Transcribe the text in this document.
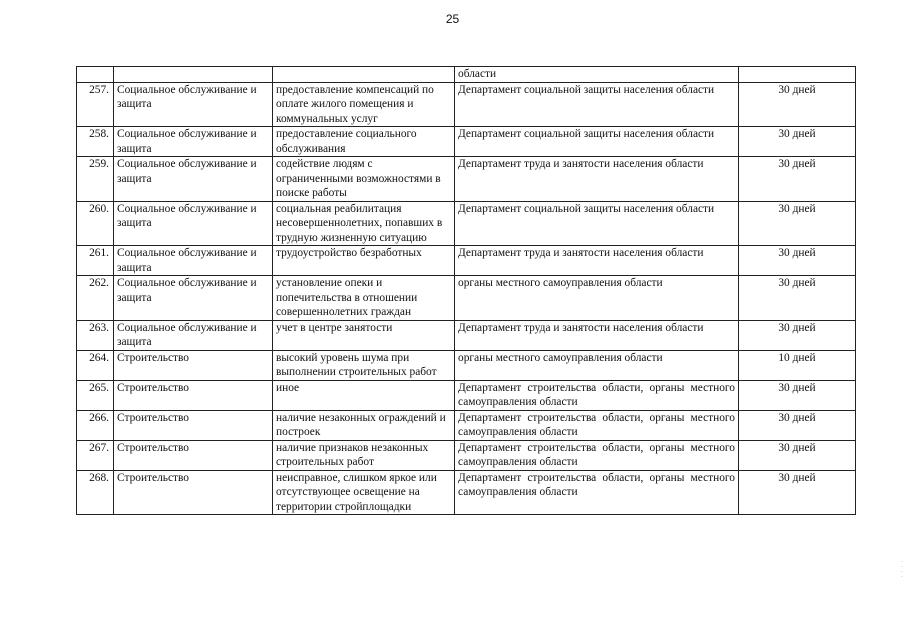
25
			области	
257.	Социальное обслуживание и защита	предоставление компенсаций по оплате жилого помещения и коммунальных услуг	Департамент социальной защиты населения области	30 дней
258.	Социальное обслуживание и защита	предоставление социального обслуживания	Департамент социальной защиты населения области	30 дней
259.	Социальное обслуживание и защита	содействие людям с ограниченными возможностями в поиске работы	Департамент труда и занятости населения области	30 дней
260.	Социальное обслуживание и защита	социальная реабилитация несовершеннолетних, попавших в трудную жизненную ситуацию	Департамент социальной защиты населения области	30 дней
261.	Социальное обслуживание и защита	трудоустройство безработных	Департамент труда и занятости населения области	30 дней
262.	Социальное обслуживание и защита	установление опеки и попечительства в отношении совершеннолетних граждан	органы местного самоуправления области	30 дней
263.	Социальное обслуживание и защита	учет в центре занятости	Департамент труда и занятости населения области	30 дней
264.	Строительство	высокий уровень шума при выполнении строительных работ	органы местного самоуправления области	10 дней
265.	Строительство	иное	Департамент строительства области, органы местного самоуправления области	30 дней
266.	Строительство	наличие незаконных ограждений и построек	Департамент строительства области, органы местного самоуправления области	30 дней
267.	Строительство	наличие признаков незаконных строительных работ	Департамент строительства области, органы местного самоуправления области	30 дней
268.	Строительство	неисправное, слишком яркое или отсутствующее освещение на территории стройплощадки	Департамент строительства области, органы местного самоуправления области	30 дней
·
·
·
·
